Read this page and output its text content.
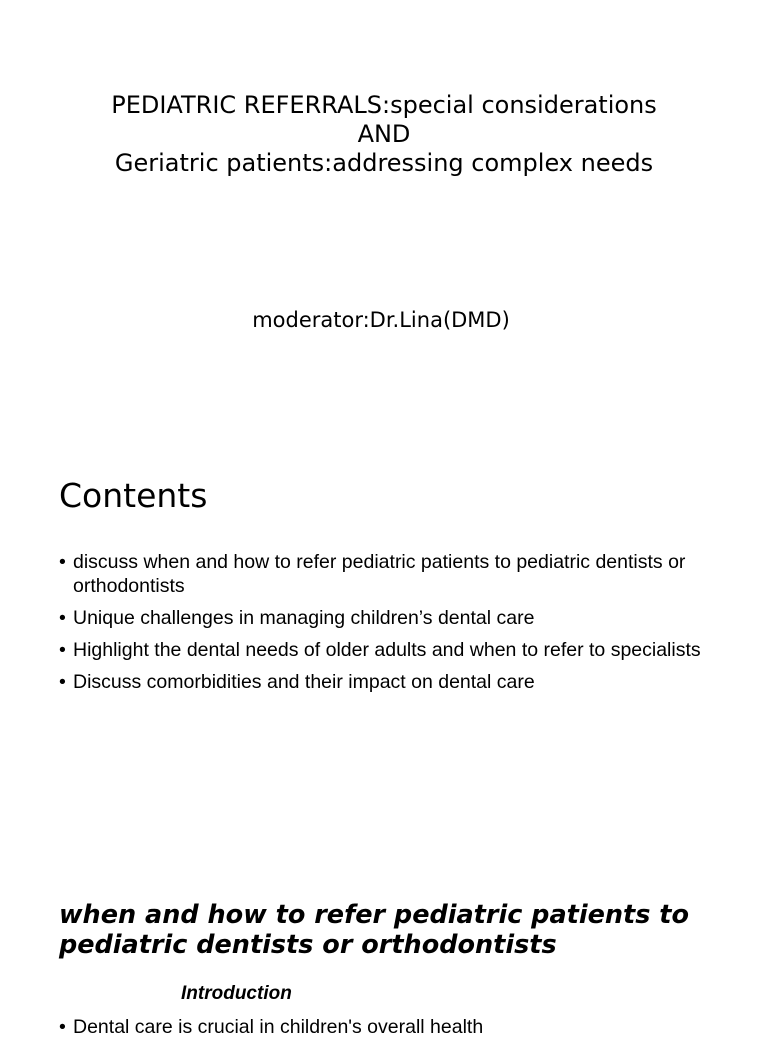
PEDIATRIC REFERRALS:special considerations
AND
Geriatric patients:addressing complex needs
moderator:Dr.Lina(DMD)
Contents
• discuss when and how to refer pediatric patients to pediatric dentists or orthodontists
• Unique challenges in managing children’s dental care
• Highlight the dental needs of older adults and when to refer to specialists
• Discuss comorbidities and their impact on dental care
when and how to refer pediatric patients to pediatric dentists or orthodontists
Introduction
• Dental care is crucial in children's overall health
